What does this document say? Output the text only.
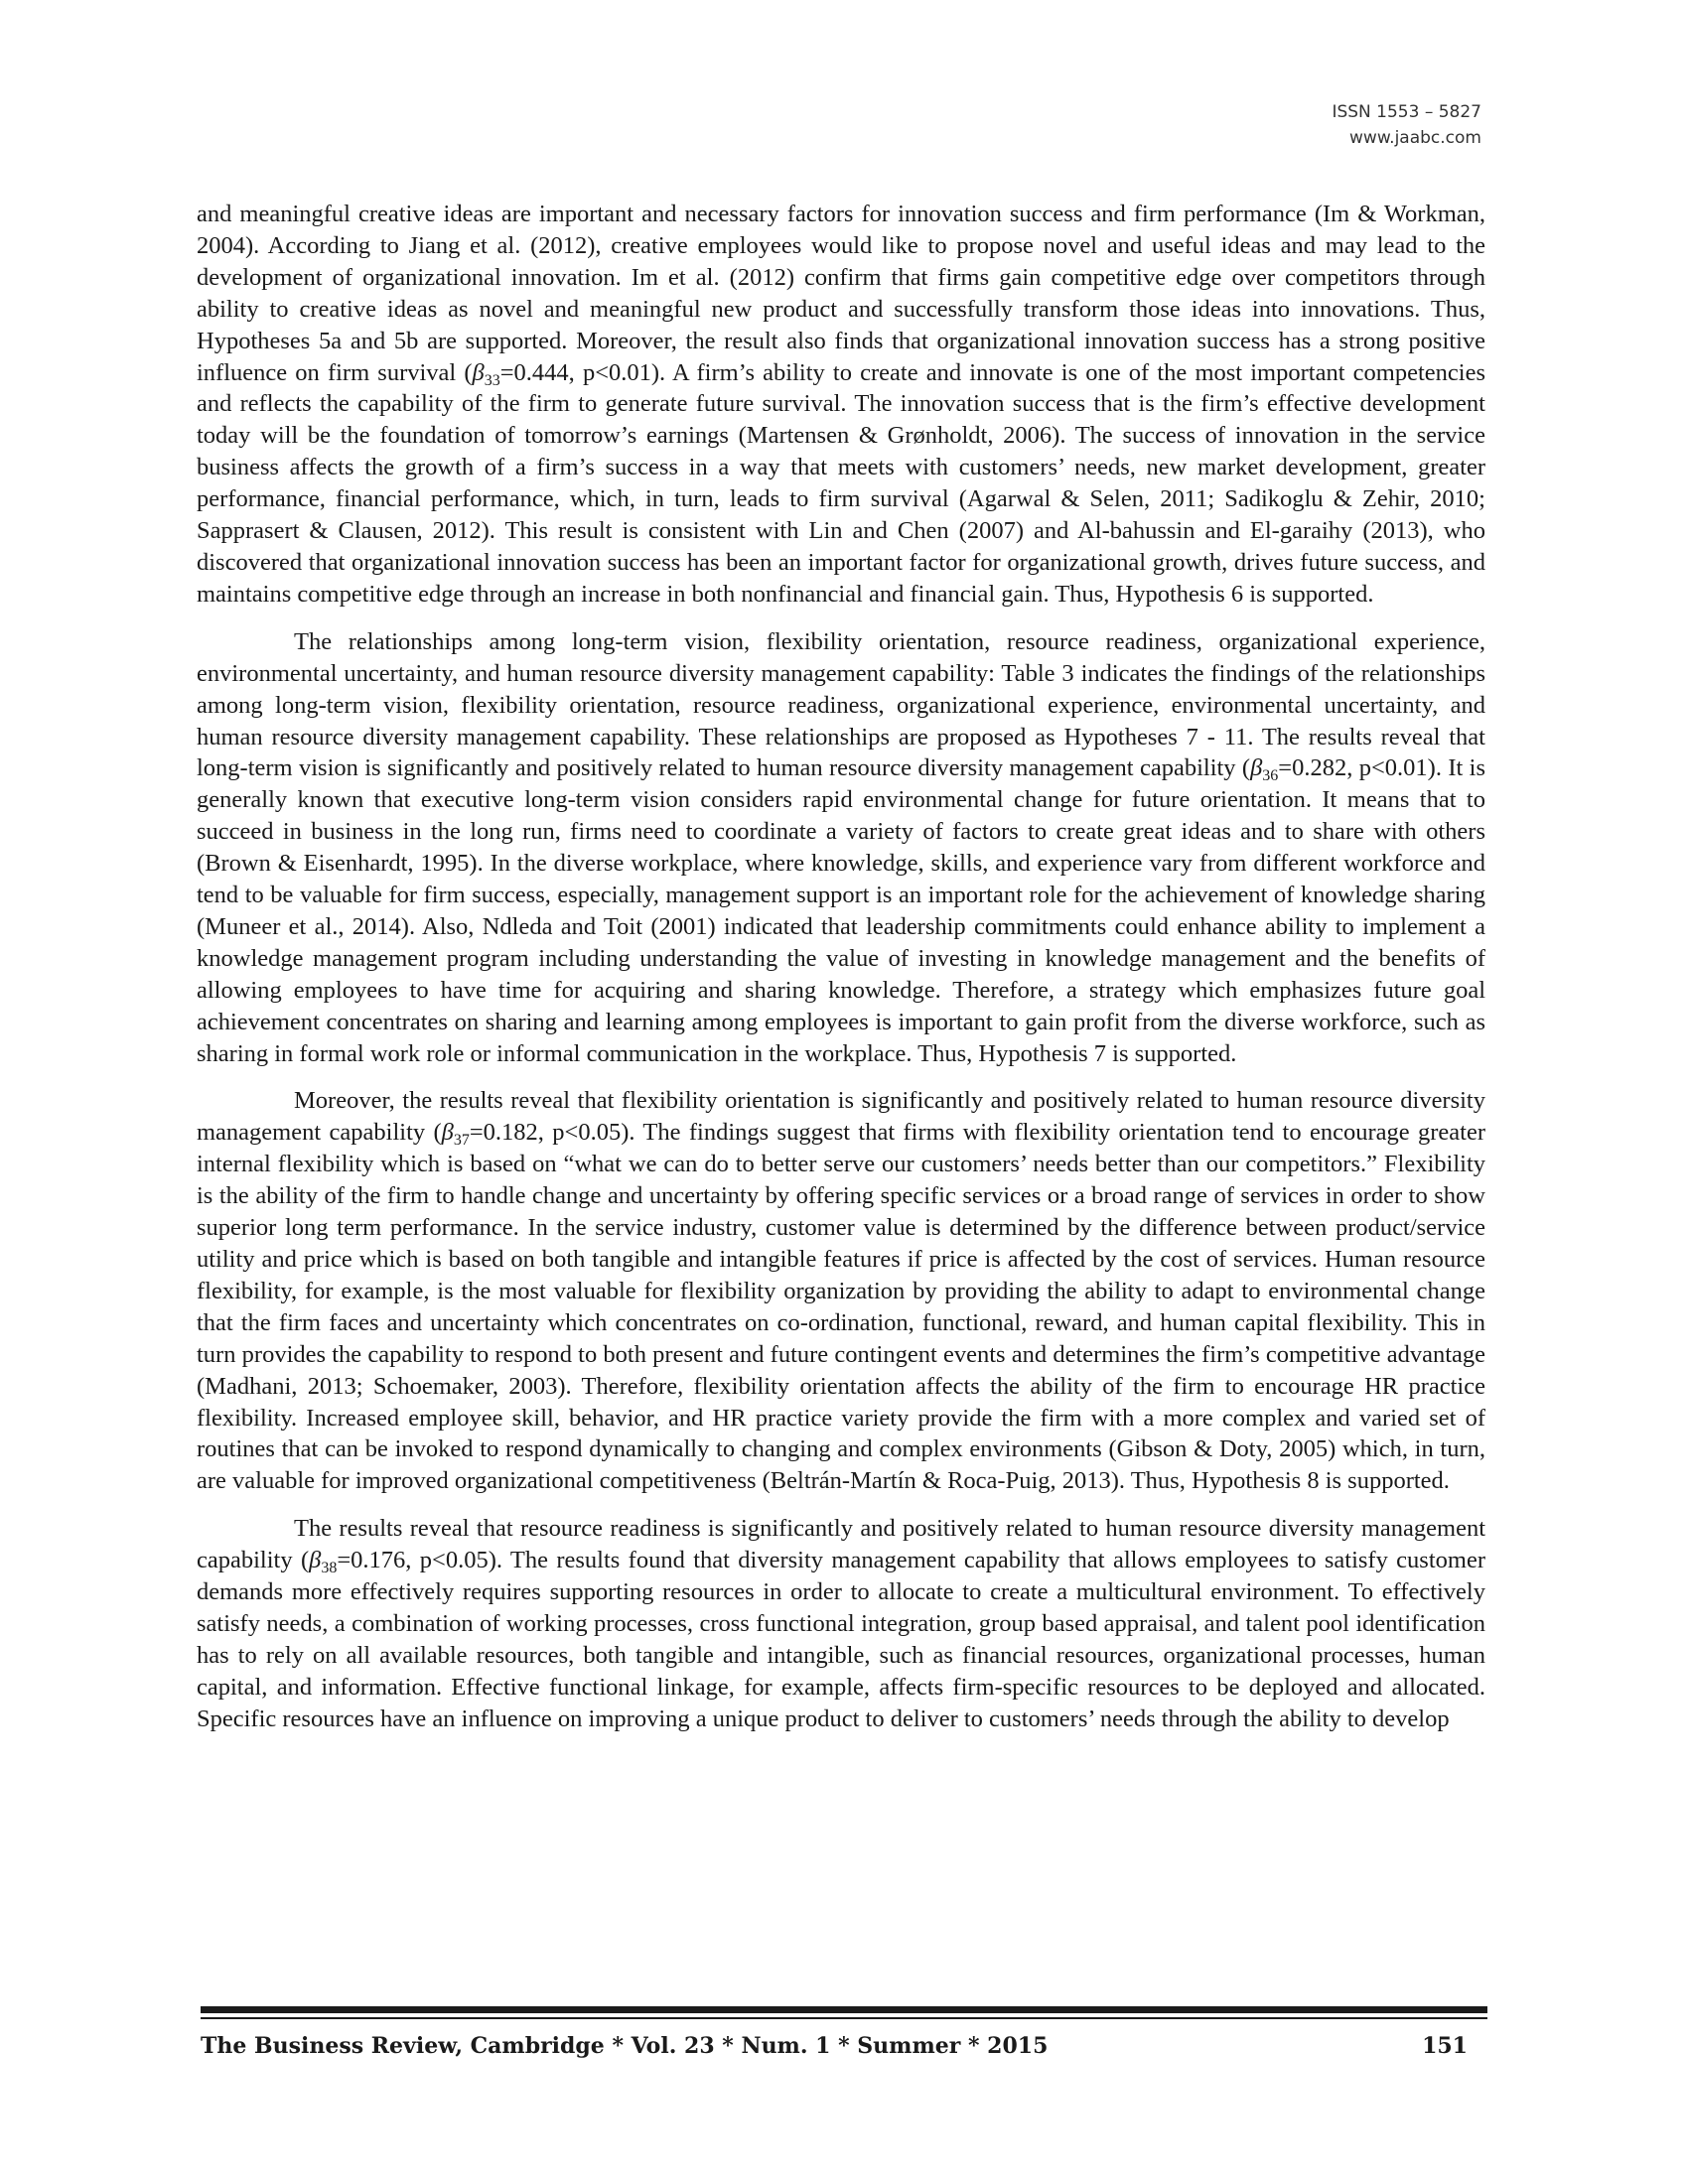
ISSN 1553 – 5827
www.jaabc.com

and meaningful creative ideas are important and necessary factors for innovation success and firm performance (Im & Workman, 2004). According to Jiang et al. (2012), creative employees would like to propose novel and useful ideas and may lead to the development of organizational innovation. Im et al. (2012) confirm that firms gain competitive edge over competitors through ability to creative ideas as novel and meaningful new product and successfully transform those ideas into innovations. Thus, Hypotheses 5a and 5b are supported. Moreover, the result also finds that organizational innovation success has a strong positive influence on firm survival ($\beta_{33}=0.444$, p<0.01). A firm’s ability to create and innovate is one of the most important competencies and reflects the capability of the firm to generate future survival. The innovation success that is the firm’s effective development today will be the foundation of tomorrow’s earnings (Martensen & Grønholdt, 2006). The success of innovation in the service business affects the growth of a firm’s success in a way that meets with customers’ needs, new market development, greater performance, financial performance, which, in turn, leads to firm survival (Agarwal & Selen, 2011; Sadikoglu & Zehir, 2010; Sapprasert & Clausen, 2012). This result is consistent with Lin and Chen (2007) and Al-bahussin and El-garaihy (2013), who discovered that organizational innovation success has been an important factor for organizational growth, drives future success, and maintains competitive edge through an increase in both nonfinancial and financial gain. Thus, Hypothesis 6 is supported.

The relationships among long-term vision, flexibility orientation, resource readiness, organizational experience, environmental uncertainty, and human resource diversity management capability: Table 3 indicates the findings of the relationships among long-term vision, flexibility orientation, resource readiness, organizational experience, environmental uncertainty, and human resource diversity management capability. These relationships are proposed as Hypotheses 7 - 11. The results reveal that long-term vision is significantly and positively related to human resource diversity management capability ($\beta_{36}=0.282$, p<0.01). It is generally known that executive long-term vision considers rapid environmental change for future orientation. It means that to succeed in business in the long run, firms need to coordinate a variety of factors to create great ideas and to share with others (Brown & Eisenhardt, 1995). In the diverse workplace, where knowledge, skills, and experience vary from different workforce and tend to be valuable for firm success, especially, management support is an important role for the achievement of knowledge sharing (Muneer et al., 2014). Also, Ndleda and Toit (2001) indicated that leadership commitments could enhance ability to implement a knowledge management program including understanding the value of investing in knowledge management and the benefits of allowing employees to have time for acquiring and sharing knowledge. Therefore, a strategy which emphasizes future goal achievement concentrates on sharing and learning among employees is important to gain profit from the diverse workforce, such as sharing in formal work role or informal communication in the workplace. Thus, Hypothesis 7 is supported.

Moreover, the results reveal that flexibility orientation is significantly and positively related to human resource diversity management capability ($\beta_{37}=0.182$, p<0.05). The findings suggest that firms with flexibility orientation tend to encourage greater internal flexibility which is based on “what we can do to better serve our customers’ needs better than our competitors.” Flexibility is the ability of the firm to handle change and uncertainty by offering specific services or a broad range of services in order to show superior long term performance. In the service industry, customer value is determined by the difference between product/service utility and price which is based on both tangible and intangible features if price is affected by the cost of services. Human resource flexibility, for example, is the most valuable for flexibility organization by providing the ability to adapt to environmental change that the firm faces and uncertainty which concentrates on co-ordination, functional, reward, and human capital flexibility. This in turn provides the capability to respond to both present and future contingent events and determines the firm’s competitive advantage (Madhani, 2013; Schoemaker, 2003). Therefore, flexibility orientation affects the ability of the firm to encourage HR practice flexibility. Increased employee skill, behavior, and HR practice variety provide the firm with a more complex and varied set of routines that can be invoked to respond dynamically to changing and complex environments (Gibson & Doty, 2005) which, in turn, are valuable for improved organizational competitiveness (Beltrán-Martín & Roca-Puig, 2013). Thus, Hypothesis 8 is supported.

The results reveal that resource readiness is significantly and positively related to human resource diversity management capability ($\beta_{38}=0.176$, p<0.05). The results found that diversity management capability that allows employees to satisfy customer demands more effectively requires supporting resources in order to allocate to create a multicultural environment. To effectively satisfy needs, a combination of working processes, cross functional integration, group based appraisal, and talent pool identification has to rely on all available resources, both tangible and intangible, such as financial resources, organizational processes, human capital, and information. Effective functional linkage, for example, affects firm-specific resources to be deployed and allocated. Specific resources have an influence on improving a unique product to deliver to customers’ needs through the ability to develop

The Business Review, Cambridge * Vol. 23 * Num. 1 * Summer * 2015	151
